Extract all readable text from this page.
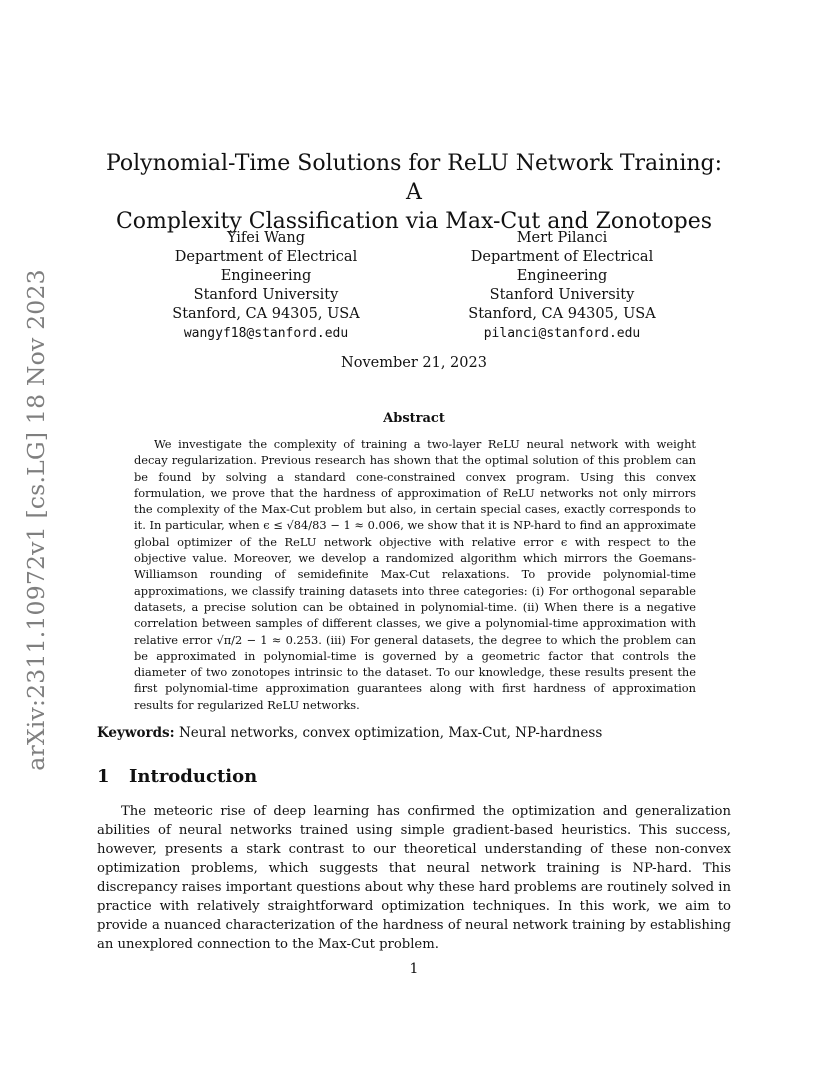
arXiv:2311.10972v1 [cs.LG] 18 Nov 2023
Polynomial-Time Solutions for ReLU Network Training: A
Complexity Classification via Max-Cut and Zonotopes
Yifei Wang
Department of Electrical Engineering
Stanford University
Stanford, CA 94305, USA
wangyf18@stanford.edu
Mert Pilanci
Department of Electrical Engineering
Stanford University
Stanford, CA 94305, USA
pilanci@stanford.edu
November 21, 2023
Abstract
We investigate the complexity of training a two-layer ReLU neural network with weight decay regularization. Previous research has shown that the optimal solution of this problem can be found by solving a standard cone-constrained convex program. Using this convex formulation, we prove that the hardness of approximation of ReLU networks not only mirrors the complexity of the Max-Cut problem but also, in certain special cases, exactly corresponds to it. In particular, when ϵ ≤ √84/83 − 1 ≈ 0.006, we show that it is NP-hard to find an approximate global optimizer of the ReLU network objective with relative error ϵ with respect to the objective value. Moreover, we develop a randomized algorithm which mirrors the Goemans-Williamson rounding of semidefinite Max-Cut relaxations. To provide polynomial-time approximations, we classify training datasets into three categories: (i) For orthogonal separable datasets, a precise solution can be obtained in polynomial-time. (ii) When there is a negative correlation between samples of different classes, we give a polynomial-time approximation with relative error √π/2 − 1 ≈ 0.253. (iii) For general datasets, the degree to which the problem can be approximated in polynomial-time is governed by a geometric factor that controls the diameter of two zonotopes intrinsic to the dataset. To our knowledge, these results present the first polynomial-time approximation guarantees along with first hardness of approximation results for regularized ReLU networks.
Keywords: Neural networks, convex optimization, Max-Cut, NP-hardness
1 Introduction
The meteoric rise of deep learning has confirmed the optimization and generalization abilities of neural networks trained using simple gradient-based heuristics. This success, however, presents a stark contrast to our theoretical understanding of these non-convex optimization problems, which suggests that neural network training is NP-hard. This discrepancy raises important questions about why these hard problems are routinely solved in practice with relatively straightforward optimization techniques. In this work, we aim to provide a nuanced characterization of the hardness of neural network training by establishing an unexplored connection to the Max-Cut problem.
1
